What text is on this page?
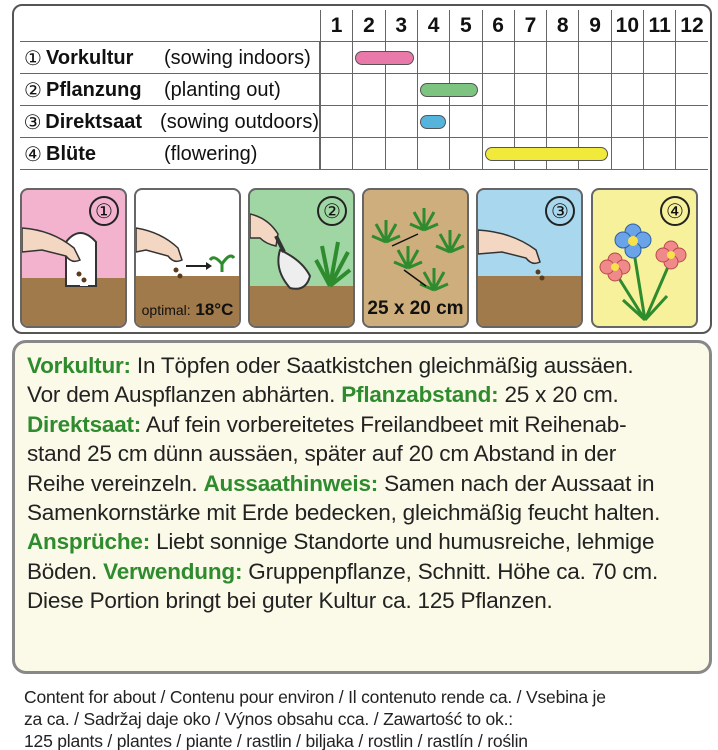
1 2 3 4 5 6 7 8 9 10 11 12
① Vorkultur	(sowing indoors)
② Pflanzung	(planting out)
③ Direktsaat (sowing outdoors)
④ Blüte	(flowering)
①
optimal: 18°C
②
25 x 20 cm
③	④
Vorkultur: In Töpfen oder Saatkistchen gleichmäßig aussäen.
Vor dem Auspflanzen abhärten. Pflanzabstand: 25 x 20 cm.
Direktsaat: Auf fein vorbereitetes Freilandbeet mit Reihenab-
stand 25 cm dünn aussäen, später auf 20 cm Abstand in der
Reihe vereinzeln. Aussaathinweis: Samen nach der Aussaat in
Samenkornstärke mit Erde bedecken, gleichmäßig feucht halten.
Ansprüche: Liebt sonnige Standorte und humusreiche, lehmige
Böden. Verwendung: Gruppenpflanze, Schnitt. Höhe ca. 70 cm.
Diese Portion bringt bei guter Kultur ca. 125 Pflanzen.
Content for about / Contenu pour environ / Il contenuto rende ca. / Vsebina je
za ca. / Sadržaj daje oko / Výnos obsahu cca. / Zawartość to ok.:
125 plants / plantes / piante / rastlin / biljaka / rostlin / rastlín / roślin
